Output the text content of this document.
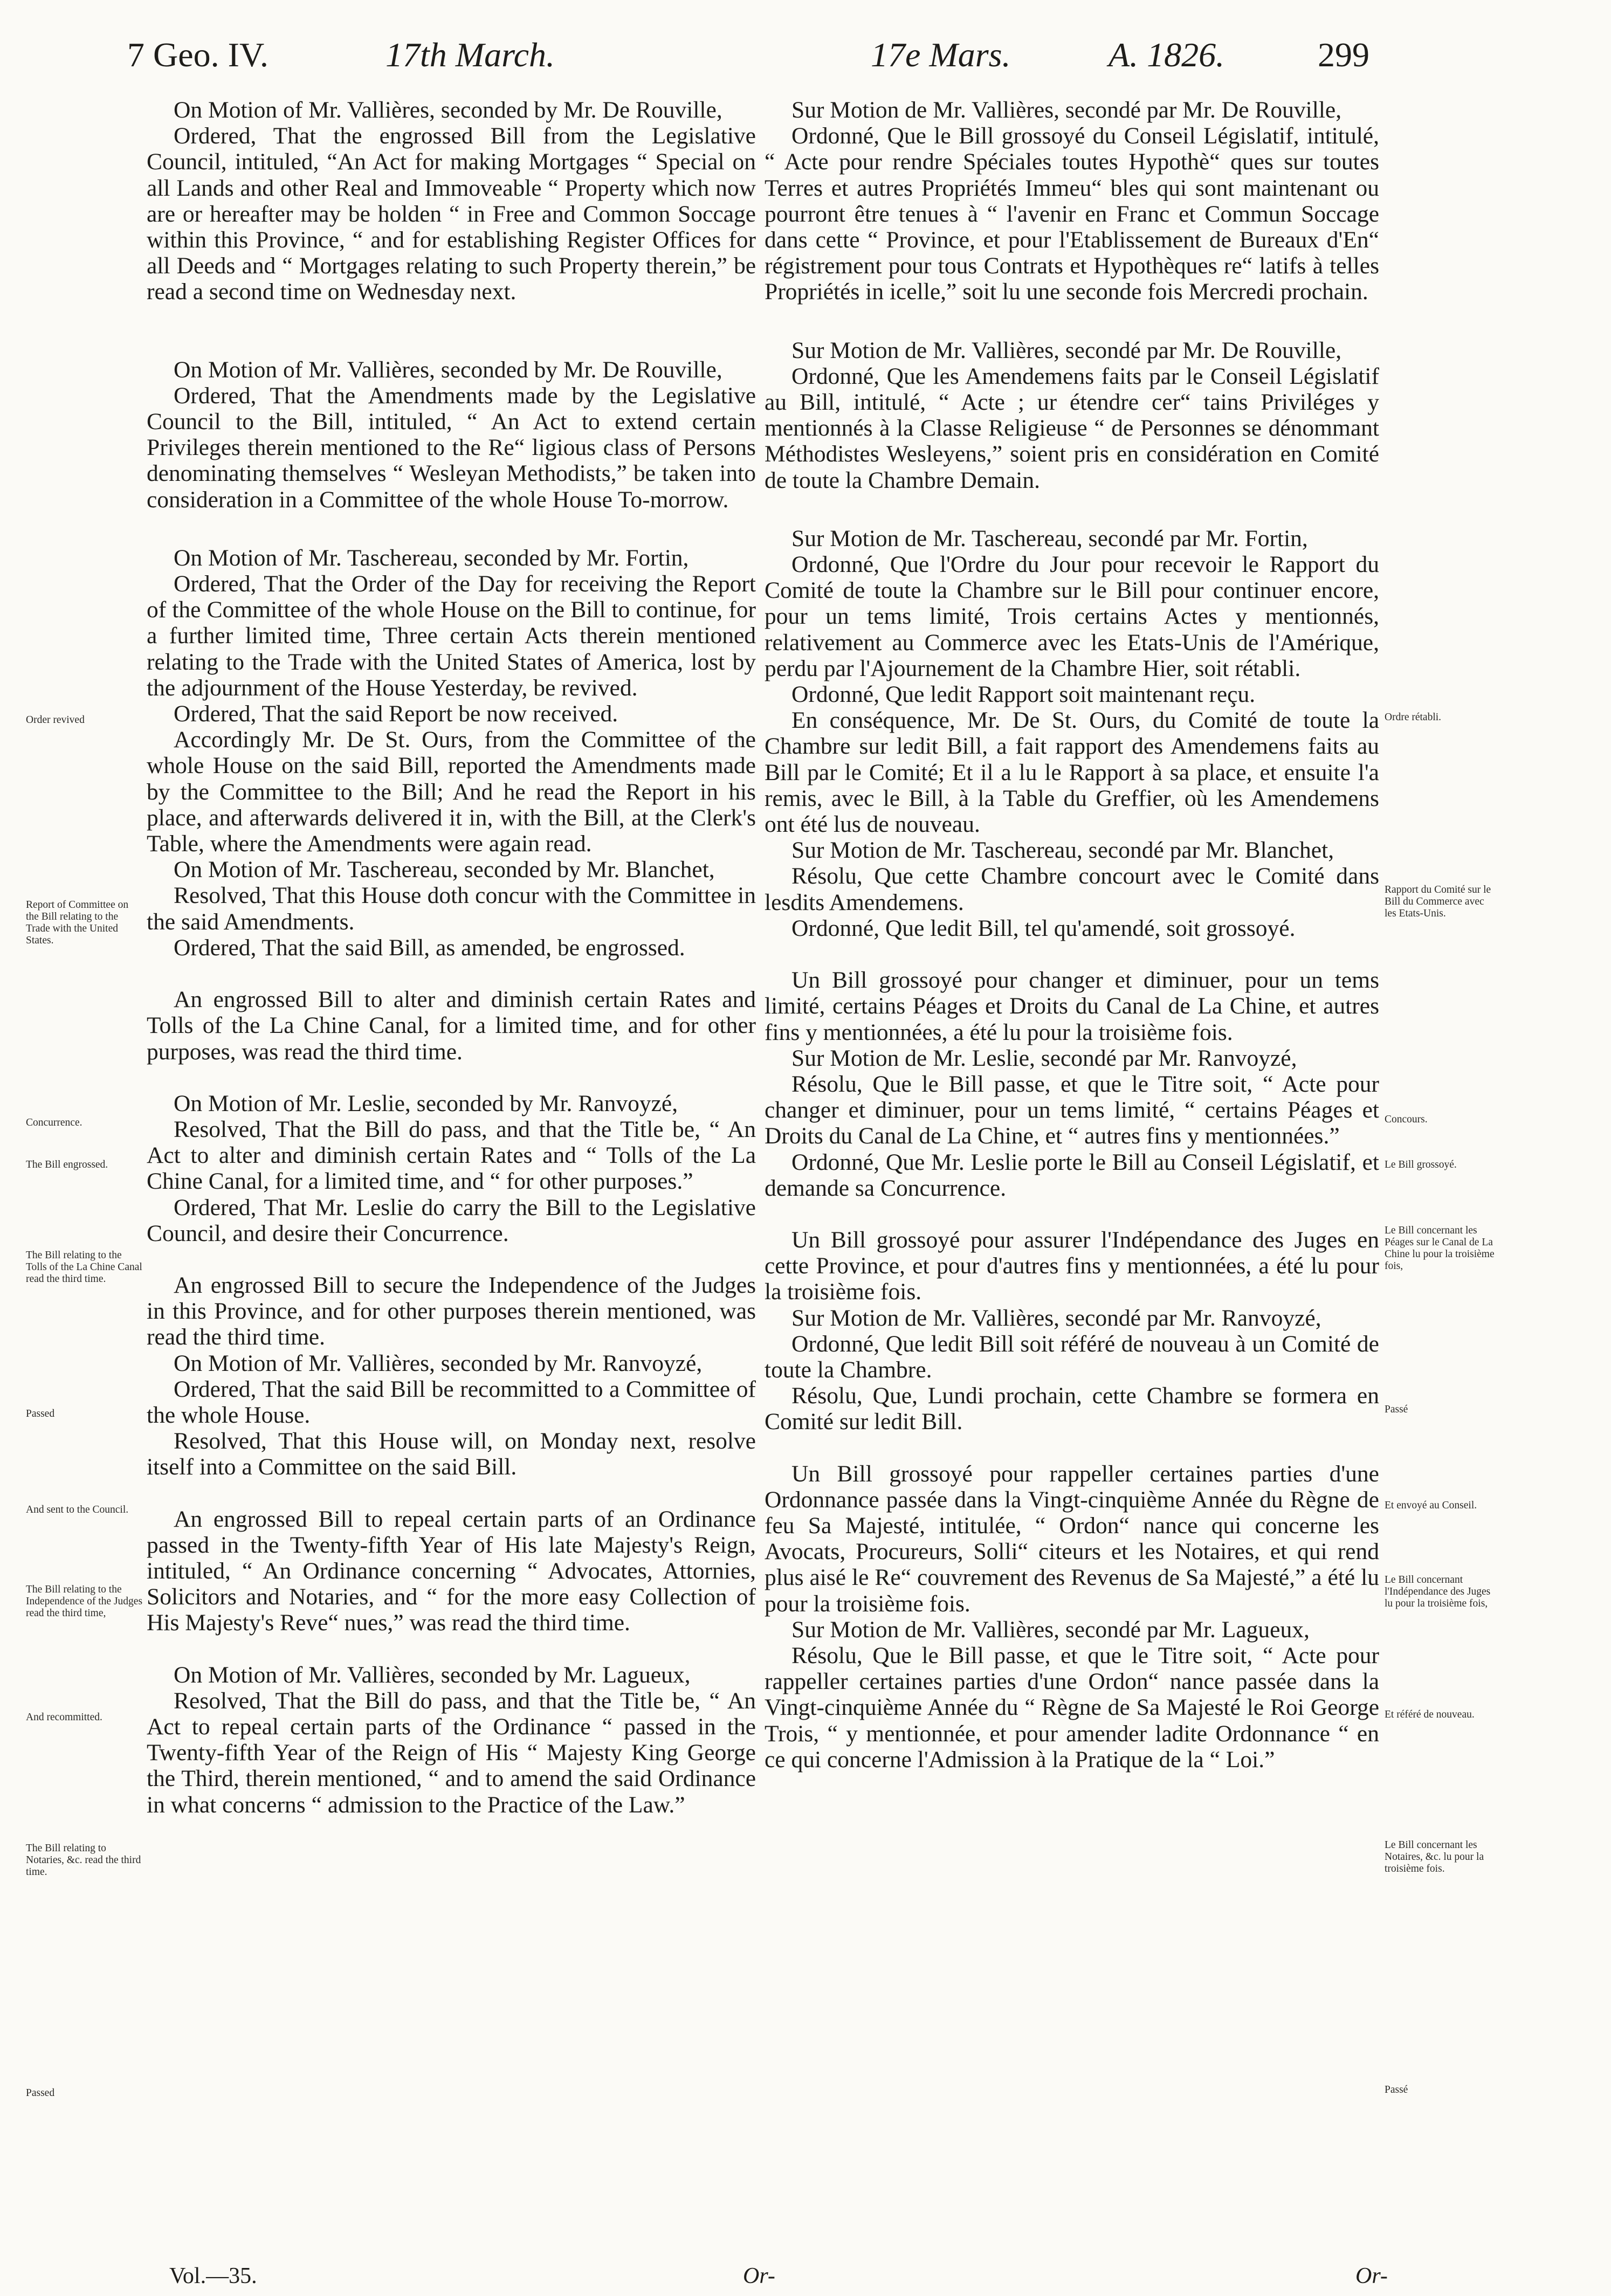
7 Geo. IV.	17th March.	17e Mars.	A. 1826.	299

On Motion of Mr. Vallières, seconded by Mr. De Rouville,
Ordered, That the engrossed Bill from the Legislative Council, intituled, “An Act for making Mortgages “ Special on all Lands and other Real and Immoveable “ Property which now are or hereafter may be holden “ in Free and Common Soccage within this Province, “ and for establishing Register Offices for all Deeds and “ Mortgages relating to such Property therein,” be read a second time on Wednesday next.

On Motion of Mr. Vallières, seconded by Mr. De Rouville,
Ordered, That the Amendments made by the Legislative Council to the Bill, intituled, “ An Act to extend certain Privileges therein mentioned to the Re“ ligious class of Persons denominating themselves “ Wesleyan Methodists,” be taken into consideration in a Committee of the whole House To-morrow.

On Motion of Mr. Taschereau, seconded by Mr. Fortin,
Ordered, That the Order of the Day for receiving the Report of the Committee of the whole House on the Bill to continue, for a further limited time, Three certain Acts therein mentioned relating to the Trade with the United States of America, lost by the adjournment of the House Yesterday, be revived.

Ordered, That the said Report be now received.

Accordingly Mr. De St. Ours, from the Committee of the whole House on the said Bill, reported the Amendments made by the Committee to the Bill; And he read the Report in his place, and afterwards delivered it in, with the Bill, at the Clerk's Table, where the Amendments were again read.

On Motion of Mr. Taschereau, seconded by Mr. Blanchet,
Resolved, That this House doth concur with the Committee in the said Amendments.

Ordered, That the said Bill, as amended, be engrossed.

An engrossed Bill to alter and diminish certain Rates and Tolls of the La Chine Canal, for a limited time, and for other purposes, was read the third time.

On Motion of Mr. Leslie, seconded by Mr. Ranvoyzé,
Resolved, That the Bill do pass, and that the Title be, “ An Act to alter and diminish certain Rates and “ Tolls of the La Chine Canal, for a limited time, and “ for other purposes.”

Ordered, That Mr. Leslie do carry the Bill to the Legislative Council, and desire their Concurrence.

An engrossed Bill to secure the Independence of the Judges in this Province, and for other purposes therein mentioned, was read the third time.

On Motion of Mr. Vallières, seconded by Mr. Ranvoyzé,
Ordered, That the said Bill be recommitted to a Committee of the whole House.

Resolved, That this House will, on Monday next, resolve itself into a Committee on the said Bill.

An engrossed Bill to repeal certain parts of an Ordinance passed in the Twenty-fifth Year of His late Majesty's Reign, intituled, “ An Ordinance concerning “ Advocates, Attornies, Solicitors and Notaries, and “ for the more easy Collection of His Majesty's Reve“ nues,” was read the third time.

On Motion of Mr. Vallières, seconded by Mr. Lagueux,
Resolved, That the Bill do pass, and that the Title be, “ An Act to repeal certain parts of the Ordinance “ passed in the Twenty-fifth Year of the Reign of His “ Majesty King George the Third, therein mentioned, “ and to amend the said Ordinance in what concerns “ admission to the Practice of the Law.”

Sur Motion de Mr. Vallières, secondé par Mr. De Rouville,
Ordonné, Que le Bill grossoyé du Conseil Législatif, intitulé, “ Acte pour rendre Spéciales toutes Hypothè“ ques sur toutes Terres et autres Propriétés Immeu“ bles qui sont maintenant ou pourront être tenues à “ l'avenir en Franc et Commun Soccage dans cette “ Province, et pour l'Etablissement de Bureaux d'En“ régistrement pour tous Contrats et Hypothèques re“ latifs à telles Propriétés in icelle,” soit lu une seconde fois Mercredi prochain.

Sur Motion de Mr. Vallières, secondé par Mr. De Rouville,
Ordonné, Que les Amendemens faits par le Conseil Législatif au Bill, intitulé, “ Acte ; ur étendre cer“ tains Priviléges y mentionnés à la Classe Religieuse “ de Personnes se dénommant Méthodistes Wesleyens,” soient pris en considération en Comité de toute la Chambre Demain.

Sur Motion de Mr. Taschereau, secondé par Mr. Fortin,
Ordonné, Que l'Ordre du Jour pour recevoir le Rapport du Comité de toute la Chambre sur le Bill pour continuer encore, pour un tems limité, Trois certains Actes y mentionnés, relativement au Commerce avec les Etats-Unis de l'Amérique, perdu par l'Ajournement de la Chambre Hier, soit rétabli.

Ordonné, Que ledit Rapport soit maintenant reçu.

En conséquence, Mr. De St. Ours, du Comité de toute la Chambre sur ledit Bill, a fait rapport des Amendemens faits au Bill par le Comité; Et il a lu le Rapport à sa place, et ensuite l'a remis, avec le Bill, à la Table du Greffier, où les Amendemens ont été lus de nouveau.

Sur Motion de Mr. Taschereau, secondé par Mr. Blanchet,
Résolu, Que cette Chambre concourt avec le Comité dans lesdits Amendemens.

Ordonné, Que ledit Bill, tel qu'amendé, soit grossoyé.

Un Bill grossoyé pour changer et diminuer, pour un tems limité, certains Péages et Droits du Canal de La Chine, et autres fins y mentionnées, a été lu pour la troisième fois.

Sur Motion de Mr. Leslie, secondé par Mr. Ranvoyzé,
Résolu, Que le Bill passe, et que le Titre soit, “ Acte pour changer et diminuer, pour un tems limité, “ certains Péages et Droits du Canal de La Chine, et “ autres fins y mentionnées.”

Ordonné, Que Mr. Leslie porte le Bill au Conseil Législatif, et demande sa Concurrence.

Un Bill grossoyé pour assurer l'Indépendance des Juges en cette Province, et pour d'autres fins y mentionnées, a été lu pour la troisième fois.

Sur Motion de Mr. Vallières, secondé par Mr. Ranvoyzé,
Ordonné, Que ledit Bill soit référé de nouveau à un Comité de toute la Chambre.

Résolu, Que, Lundi prochain, cette Chambre se formera en Comité sur ledit Bill.

Un Bill grossoyé pour rappeller certaines parties d'une Ordonnance passée dans la Vingt-cinquième Année du Règne de feu Sa Majesté, intitulée, “ Ordon“ nance qui concerne les Avocats, Procureurs, Solli“ citeurs et les Notaires, et qui rend plus aisé le Re“ couvrement des Revenus de Sa Majesté,” a été lu pour la troisième fois.

Sur Motion de Mr. Vallières, secondé par Mr. Lagueux,
Résolu, Que le Bill passe, et que le Titre soit, “ Acte pour rappeller certaines parties d'une Ordon“ nance passée dans la Vingt-cinquième Année du “ Règne de Sa Majesté le Roi George Trois, “ y mentionnée, et pour amender ladite Ordonnance “ en ce qui concerne l'Admission à la Pratique de la “ Loi.”

Order revived
Report of Committee on the Bill relating to the Trade with the United States.
Concurrence.
The Bill engrossed.
The Bill relating to the Tolls of the La Chine Canal read the third time.
Passed
And sent to the Council.
The Bill relating to the Independence of the Judges read the third time,
And recommitted.
The Bill relating to Notaries, &c. read the third time.
Passed
Ordre rétabli.
Rapport du Comité sur le Bill du Commerce avec les Etats-Unis.
Concours.
Le Bill grossoyé.
Le Bill concernant les Péages sur le Canal de La Chine lu pour la troisième fois,
Passé
Et envoyé au Conseil.
Le Bill concernant l'Indépendance des Juges lu pour la troisième fois,
Et référé de nouveau.
Le Bill concernant les Notaires, &c. lu pour la troisième fois.
Passé
Vol.—35.	Or-	Or-
